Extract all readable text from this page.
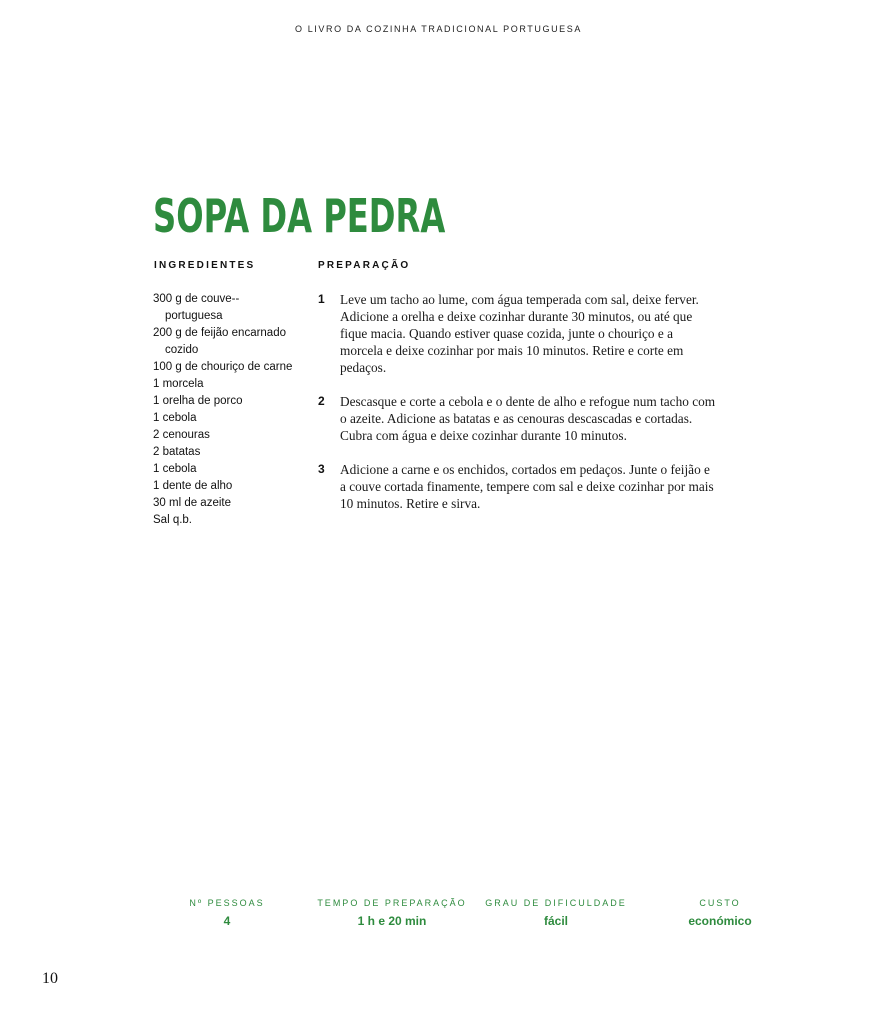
O LIVRO DA COZINHA TRADICIONAL PORTUGUESA
SOPA DA PEDRA
INGREDIENTES	PREPARAÇÃO
300 g de couve--portuguesa
200 g de feijão encarnado cozido
100 g de chouriço de carne
1 morcela
1 orelha de porco
1 cebola
2 cenouras
2 batatas
1 cebola
1 dente de alho
30 ml de azeite
Sal q.b.
1	Leve um tacho ao lume, com água temperada com sal, deixe ferver. Adicione a orelha e deixe cozinhar durante 30 minutos, ou até que fique macia. Quando estiver quase cozida, junte o chouriço e a morcela e deixe cozinhar por mais 10 minutos. Retire e corte em pedaços.
2	Descasque e corte a cebola e o dente de alho e refogue num tacho com o azeite. Adicione as batatas e as cenouras descascadas e cortadas. Cubra com água e deixe cozinhar durante 10 minutos.
3	Adicione a carne e os enchidos, cortados em pedaços. Junte o feijão e a couve cortada finamente, tempere com sal e deixe cozinhar por mais 10 minutos. Retire e sirva.
Nº PESSOAS
4
TEMPO DE PREPARAÇÃO
1 h e 20 min
GRAU DE DIFICULDADE
fácil
CUSTO
económico
10
